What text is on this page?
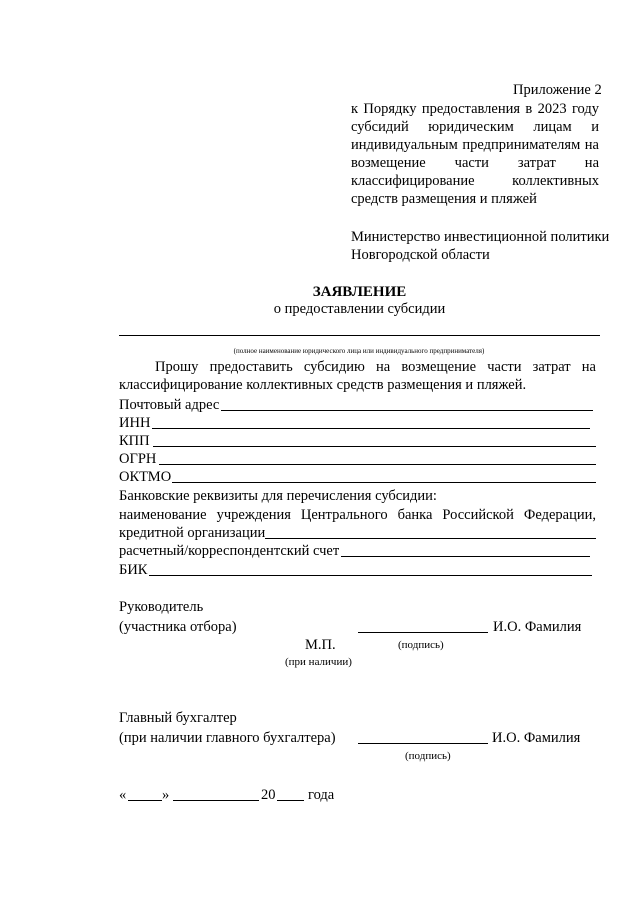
Приложение 2
к Порядку предоставления в 2023 году
субсидий юридическим лицам и
индивидуальным предпринимателям на
возмещение части затрат на
классифицирование коллективных
средств размещения и пляжей
Министерство инвестиционной политики
Новгородской области
ЗАЯВЛЕНИЕ
о предоставлении субсидии
(полное наименование юридического лица или индивидуального предпринимателя)
Прошу предоставить субсидию на возмещение части затрат на
классифицирование коллективных средств размещения и пляжей.
Почтовый адрес
ИНН
КПП
ОГРН
ОКТМО
Банковские реквизиты для перечисления субсидии:
наименование учреждения Центрального банка Российской Федерации,
кредитной организации
расчетный/корреспондентский счет
БИК
Руководитель
(участника отбора)	И.О. Фамилия
М.П.	(подпись)
(при наличии)
Главный бухгалтер
(при наличии главного бухгалтера)	И.О. Фамилия
(подпись)
« »	20 года
